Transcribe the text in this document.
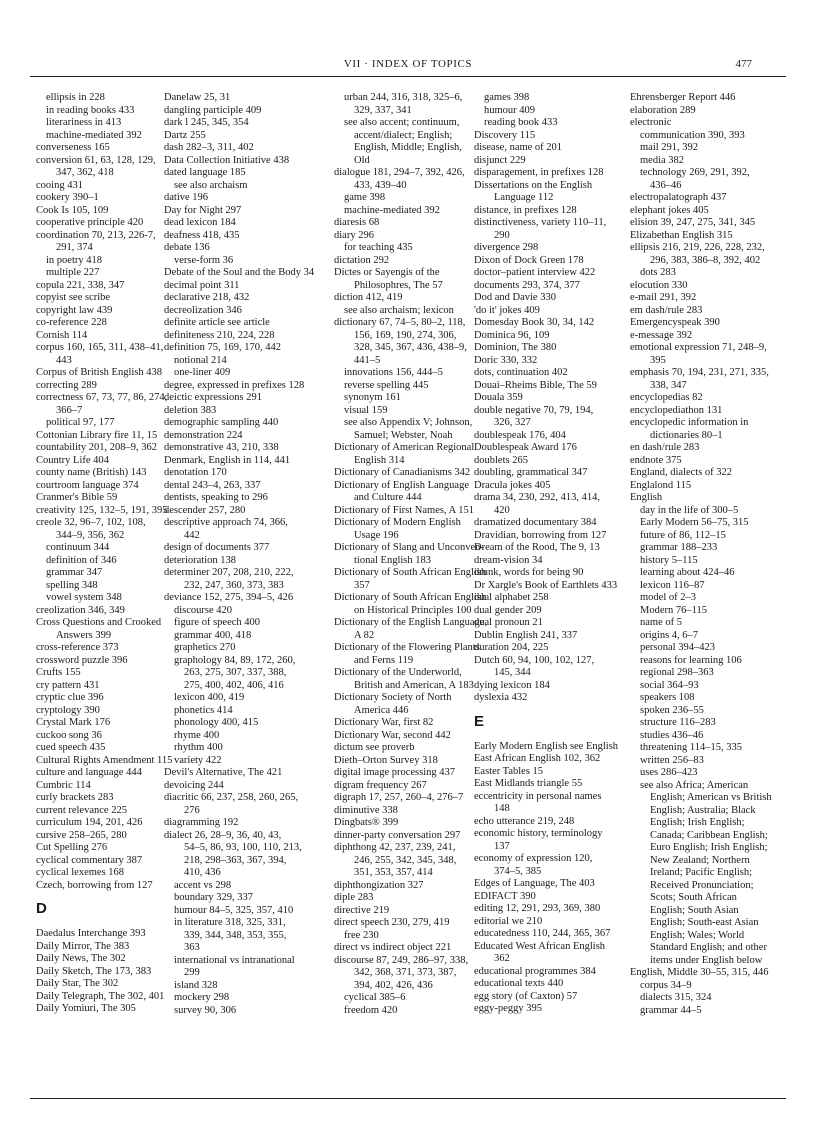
VII · INDEX OF TOPICS	477
ellipsis in 228
in reading books 433
literariness in 413
machine-mediated 392
converseness 165
conversion 61, 63, 128, 129,
347, 362, 418
cooing 431
cookery 390–1
Cook Is 105, 109
cooperative principle 420
coordination 70, 213, 226-7,
291, 374
in poetry 418
multiple 227
copula 221, 338, 347
copyist see scribe
copyright law 439
co-reference 228
Cornish 114
corpus 160, 165, 311, 438–41,
443
Corpus of British English 438
correcting 289
correctness 67, 73, 77, 86, 274,
366–7
political 97, 177
Cottonian Library fire 11, 15
countability 201, 208–9, 362
Country Life 404
county name (British) 143
courtroom language 374
Cranmer's Bible 59
creativity 125, 132–5, 191, 395
creole 32, 96–7, 102, 108,
344–9, 356, 362
continuum 344
definition of 346
grammar 347
spelling 348
vowel system 348
creolization 346, 349
Cross Questions and Crooked
Answers 399
cross-reference 373
crossword puzzle 396
Crufts 155
cry pattern 431
cryptic clue 396
cryptology 390
Crystal Mark 176
cuckoo song 36
cued speech 435
Cultural Rights Amendment 115
culture and language 444
Cumbric 114
curly brackets 283
current relevance 225
curriculum 194, 201, 426
cursive 258–265, 280
Cut Spelling 276
cyclical commentary 387
cyclical lexemes 168
Czech, borrowing from 127
D
Daedalus Interchange 393
Daily Mirror, The 383
Daily News, The 302
Daily Sketch, The 173, 383
Daily Star, The 302
Daily Telegraph, The 302, 401
Daily Yomiuri, The 305
Danelaw 25, 31
dangling participle 409
dark l 245, 345, 354
Dartz 255
dash 282–3, 311, 402
Data Collection Initiative 438
dated language 185
see also archaism
dative 196
Day for Night 297
dead lexicon 184
deafness 418, 435
debate 136
verse-form 36
Debate of the Soul and the Body 34
decimal point 311
declarative 218, 432
decreolization 346
definite article see article
definiteness 210, 224, 228
definition 75, 169, 170, 442
notional 214
one-liner 409
degree, expressed in prefixes 128
deictic expressions 291
deletion 383
demographic sampling 440
demonstration 224
demonstrative 43, 210, 338
Denmark, English in 114, 441
denotation 170
dental 243–4, 263, 337
dentists, speaking to 296
descender 257, 280
descriptive approach 74, 366,
442
design of documents 377
deterioration 138
determiner 207, 208, 210, 222,
232, 247, 360, 373, 383
deviance 152, 275, 394–5, 426
discourse 420
figure of speech 400
grammar 400, 418
graphetics 270
graphology 84, 89, 172, 260,
263, 275, 307, 337, 388,
275, 400, 402, 406, 416
lexicon 400, 419
phonetics 414
phonology 400, 415
rhyme 400
rhythm 400
variety 422
Devil's Alternative, The 421
devoicing 244
diacritic 66, 237, 258, 260, 265,
276
diagramming 192
dialect 26, 28–9, 36, 40, 43,
54–5, 86, 93, 100, 110, 213,
218, 298–363, 367, 394,
410, 436
accent vs 298
boundary 329, 337
humour 84–5, 325, 357, 410
in literature 318, 325, 331,
339, 344, 348, 353, 355,
363
international vs intranational
299
island 328
mockery 298
survey 90, 306
urban 244, 316, 318, 325–6,
329, 337, 341
see also accent; continuum,
accent/dialect; English;
English, Middle; English,
Old
dialogue 181, 294–7, 392, 426,
433, 439–40
game 398
machine-mediated 392
diaresis 68
diary 296
for teaching 435
dictation 292
Dictes or Sayengis of the
Philosophres, The 57
diction 412, 419
see also archaism; lexicon
dictionary 67, 74–5, 80–2, 118,
156, 169, 190, 274, 306,
328, 345, 367, 436, 438–9,
441–5
innovations 156, 444–5
reverse spelling 445
synonym 161
visual 159
see also Appendix V; Johnson,
Samuel; Webster, Noah
Dictionary of American Regional
English 314
Dictionary of Canadianisms 342
Dictionary of English Language
and Culture 444
Dictionary of First Names, A 151
Dictionary of Modern English
Usage 196
Dictionary of Slang and Unconven-
tional English 183
Dictionary of South African English
357
Dictionary of South African English
on Historical Principles 100
Dictionary of the English Language,
A 82
Dictionary of the Flowering Plants
and Ferns 119
Dictionary of the Underworld,
British and American, A 183
Dictionary Society of North
America 446
Dictionary War, first 82
Dictionary War, second 442
dictum see proverb
Dieth–Orton Survey 318
digital image processing 437
digram frequency 267
digraph 17, 257, 260–4, 276–7
diminutive 338
Dingbats® 399
dinner-party conversation 297
diphthong 42, 237, 239, 241,
246, 255, 342, 345, 348,
351, 353, 357, 414
diphthongization 327
diple 283
directive 219
direct speech 230, 279, 419
free 230
direct vs indirect object 221
discourse 87, 249, 286–97, 338,
342, 368, 371, 373, 387,
394, 402, 426, 436
cyclical 385–6
freedom 420
games 398
humour 409
reading book 433
Discovery 115
disease, name of 201
disjunct 229
disparagement, in prefixes 128
Dissertations on the English
Language 112
distance, in prefixes 128
distinctiveness, variety 110–11,
290
divergence 298
Dixon of Dock Green 178
doctor–patient interview 422
documents 293, 374, 377
Dod and Davie 330
'do it' jokes 409
Domesday Book 30, 34, 142
Dominica 96, 109
Dominion, The 380
Doric 330, 332
dots, continuation 402
Douai–Rheims Bible, The 59
Douala 359
double negative 70, 79, 194,
326, 327
doublespeak 176, 404
Doublespeak Award 176
doublets 265
doubling, grammatical 347
Dracula jokes 405
drama 34, 230, 292, 413, 414,
420
dramatized documentary 384
Dravidian, borrowing from 127
Dream of the Rood, The 9, 13
dream-vision 34
drunk, words for being 90
Dr Xargle's Book of Earthlets 433
dual alphabet 258
dual gender 209
dual pronoun 21
Dublin English 241, 337
duration 204, 225
Dutch 60, 94, 100, 102, 127,
145, 344
dying lexicon 184
dyslexia 432
E
Early Modern English see English
East African English 102, 362
Easter Tables 15
East Midlands triangle 55
eccentricity in personal names
148
echo utterance 219, 248
economic history, terminology
137
economy of expression 120,
374–5, 385
Edges of Language, The 403
EDIFACT 390
editing 12, 291, 293, 369, 380
editorial we 210
educatedness 110, 244, 365, 367
Educated West African English
362
educational programmes 384
educational texts 440
egg story (of Caxton) 57
eggy-peggy 395
Ehrensberger Report 446
elaboration 289
electronic
communication 390, 393
mail 291, 392
media 382
technology 269, 291, 392,
436–46
electropalatograph 437
elephant jokes 405
elision 39, 247, 275, 341, 345
Elizabethan English 315
ellipsis 216, 219, 226, 228, 232,
296, 383, 386–8, 392, 402
dots 283
elocution 330
e-mail 291, 392
em dash/rule 283
Emergencyspeak 390
e-message 392
emotional expression 71, 248–9,
395
emphasis 70, 194, 231, 271, 335,
338, 347
encyclopedias 82
encyclopediathon 131
encyclopedic information in
dictionaries 80–1
en dash/rule 283
endnote 375
England, dialects of 322
Englalond 115
English
day in the life of 300–5
Early Modern 56–75, 315
future of 86, 112–15
grammar 188–233
history 5–115
learning about 424–46
lexicon 116–87
model of 2–3
Modern 76–115
name of 5
origins 4, 6–7
personal 394–423
reasons for learning 106
regional 298–363
social 364–93
speakers 108
spoken 236–55
structure 116–283
studies 436–46
threatening 114–15, 335
written 256–83
uses 286–423
see also Africa; American
English; American vs British
English; Australia; Black
English; Irish English;
Canada; Caribbean English;
Euro English; Irish English;
New Zealand; Northern
Ireland; Pacific English;
Received Pronunciation;
Scots; South African
English; South Asian
English; South-east Asian
English; Wales; World
Standard English; and other
items under English below
English, Middle 30–55, 315, 446
corpus 34–9
dialects 315, 324
grammar 44–5
